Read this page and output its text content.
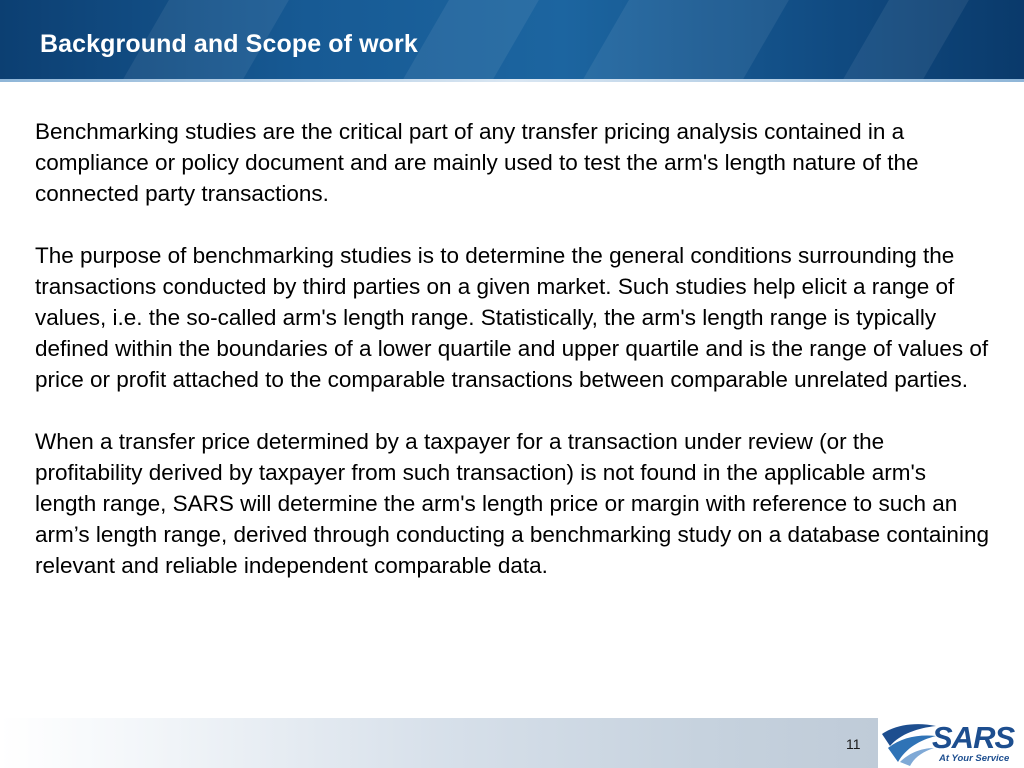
Background and Scope of work

Benchmarking studies are the critical part of any transfer pricing analysis contained in a compliance or policy document and are mainly used to test the arm's length nature of the connected party transactions.

The purpose of benchmarking studies is to determine the general conditions surrounding the transactions conducted by third parties on a given market. Such studies help elicit a range of values, i.e. the so-called arm's length range. Statistically, the arm's length range is typically defined within the boundaries of a lower quartile and upper quartile and is the range of values of price or profit attached to the comparable transactions between comparable unrelated parties.

When a transfer price determined by a taxpayer for a transaction under review (or the profitability derived by taxpayer from such transaction) is not found in the applicable arm's length range, SARS will determine the arm's length price or margin with reference to such an arm’s length range, derived through conducting a benchmarking study on a database containing relevant and reliable independent comparable data.

11 SARS
At Your Service
